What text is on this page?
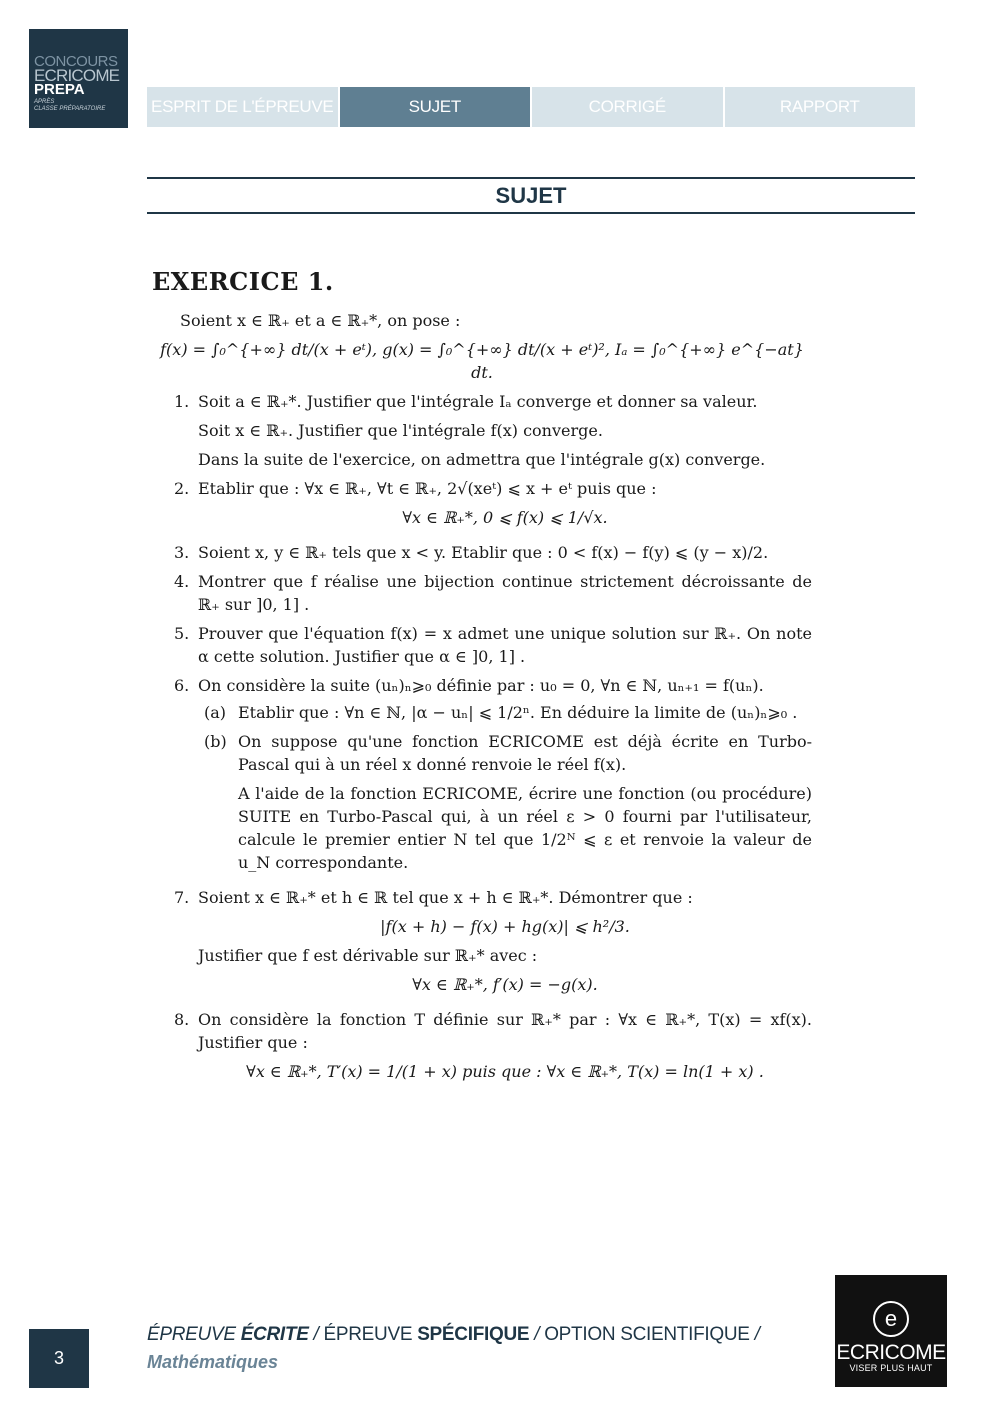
CONCOURS
ECRICOME
PREPA
APRÈS
CLASSE PRÉPARATOIRE	ESPRIT DE L'ÉPREUVE	SUJET	CORRIGÉ	RAPPORT
SUJET
EXERCICE 1.

Soient x ∈ ℝ₊ et a ∈ ℝ₊*, on pose :

f(x) = ∫₀^{+∞} dt/(x + eᵗ), g(x) = ∫₀^{+∞} dt/(x + eᵗ)², Iₐ = ∫₀^{+∞} e^{−at} dt.

1. Soit a ∈ ℝ₊*. Justifier que l'intégrale Iₐ converge et donner sa valeur.

Soit x ∈ ℝ₊. Justifier que l'intégrale f(x) converge.

Dans la suite de l'exercice, on admettra que l'intégrale g(x) converge.

2. Etablir que : ∀x ∈ ℝ₊, ∀t ∈ ℝ₊, 2√(xeᵗ) ⩽ x + eᵗ puis que :

∀x ∈ ℝ₊*, 0 ⩽ f(x) ⩽ 1/√x.

3. Soient x, y ∈ ℝ₊ tels que x < y. Etablir que : 0 < f(x) − f(y) ⩽ (y − x)/2.

4. Montrer que f réalise une bijection continue strictement décroissante de ℝ₊ sur ]0, 1] .

5. Prouver que l'équation f(x) = x admet une unique solution sur ℝ₊. On note α cette solution. Justifier que α ∈ ]0, 1] .

6. On considère la suite (uₙ)ₙ⩾₀ définie par : u₀ = 0, ∀n ∈ ℕ, uₙ₊₁ = f(uₙ).

(a) Etablir que : ∀n ∈ ℕ, |α − uₙ| ⩽ 1/2ⁿ. En déduire la limite de (uₙ)ₙ⩾₀ .

(b) On suppose qu'une fonction ECRICOME est déjà écrite en Turbo-Pascal qui à un réel x donné renvoie le réel f(x).

A l'aide de la fonction ECRICOME, écrire une fonction (ou procédure) SUITE en Turbo-Pascal qui, à un réel ε > 0 fourni par l'utilisateur, calcule le premier entier N tel que 1/2ᴺ ⩽ ε et renvoie la valeur de u_N correspondante.

7. Soient x ∈ ℝ₊* et h ∈ ℝ tel que x + h ∈ ℝ₊*. Démontrer que :

|f(x + h) − f(x) + hg(x)| ⩽ h²/3.

Justifier que f est dérivable sur ℝ₊* avec :

∀x ∈ ℝ₊*, f′(x) = −g(x).

8. On considère la fonction T définie sur ℝ₊* par : ∀x ∈ ℝ₊*, T(x) = xf(x). Justifier que :

∀x ∈ ℝ₊*, T′(x) = 1/(1 + x) puis que : ∀x ∈ ℝ₊*, T(x) = ln(1 + x) .

3
ÉPREUVE ÉCRITE / ÉPREUVE SPÉCIFIQUE / OPTION SCIENTIFIQUE /
Mathématiques
e
ECRICOME
VISER PLUS HAUT
